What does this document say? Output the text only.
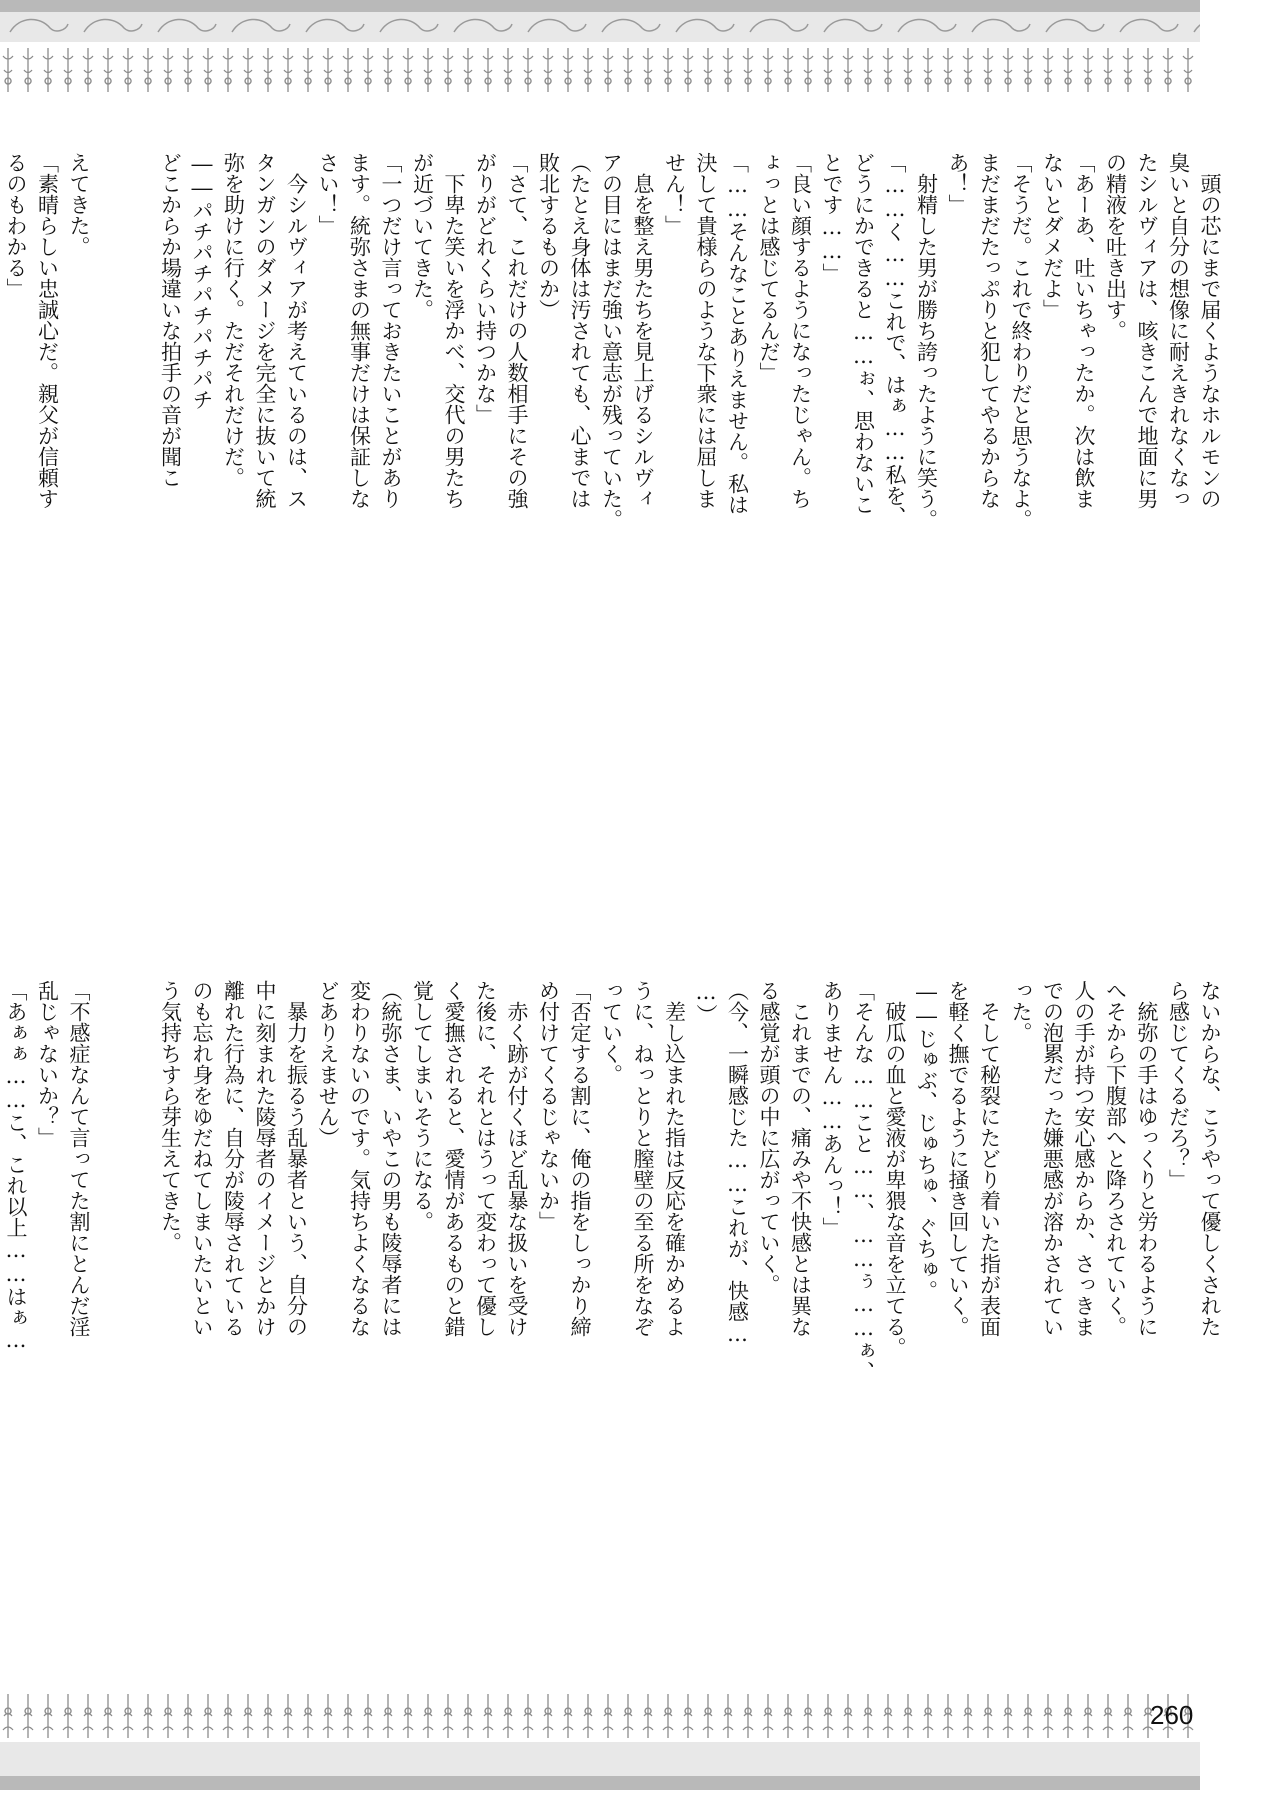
えてきた。
「素晴らしい忠誠心だ。親父が信頼す
るのもわかる」
ないからな、こうやって優しくされた
ら感じてくるだろ？」
　統弥の手はゆっくりと労わるように
へそから下腹部へと降ろされていく。
人の手が持つ安心感からか、さっきま
での泡累だった嫌悪感が溶かされてい
った。
　そして秘裂にたどり着いた指が表面
を軽く撫でるように掻き回していく。
――じゅぶ、じゅちゅ、ぐちゅ。
　破瓜の血と愛液が卑猥な音を立てる。
「そんな……こと……、……ぅ……ぁ、
ありません……あんっ！」
　これまでの、痛みや不快感とは異な
る感覚が頭の中に広がっていく。
（今、一瞬感じた……これが、快感…
…）
　差し込まれた指は反応を確かめるよ
うに、ねっとりと膣壁の至る所をなぞ
っていく。
「否定する割に、俺の指をしっかり締
め付けてくるじゃないか」
　赤く跡が付くほど乱暴な扱いを受け
た後に、それとはうって変わって優し
く愛撫されると、愛情があるものと錯
覚してしまいそうになる。
（統弥さま、いやこの男も陵辱者には
変わりないのです。気持ちよくなるな
どありえません）
　暴力を振るう乱暴者という、自分の
中に刻まれた陵辱者のイメージとかけ
離れた行為に、自分が陵辱されている
のも忘れ身をゆだねてしまいたいとい
う気持ちすら芽生えてきた。
「不感症なんて言ってた割にとんだ淫
乱じゃないか？」
「あぁぁ……こ、これ以上……はぁ…
260
　頭の芯にまで届くようなホルモンの
臭いと自分の想像に耐えきれなくなっ
たシルヴィアは、咳きこんで地面に男
の精液を吐き出す。
「あーあ、吐いちゃったか。次は飲ま
ないとダメだよ」
「そうだ。これで終わりだと思うなよ。
まだまだたっぷりと犯してやるからな
あ！」
　射精した男が勝ち誇ったように笑う。
「……く……これで、はぁ……私を、
どうにかできると……ぉ、思わないこ
とです……」
「良い顔するようになったじゃん。ち
ょっとは感じてるんだ」
「……そんなことありえません。私は
決して貴様らのような下衆には屈しま
せん！」
　息を整え男たちを見上げるシルヴィ
アの目にはまだ強い意志が残っていた。
（たとえ身体は汚されても、心までは
敗北するものか）
「さて、これだけの人数相手にその強
がりがどれくらい持つかな」
　下卑た笑いを浮かべ、交代の男たち
が近づいてきた。
「一つだけ言っておきたいことがあり
ます。統弥さまの無事だけは保証しな
さい！」
　今シルヴィアが考えているのは、ス
タンガンのダメージを完全に抜いて統
弥を助けに行く。ただそれだけだ。
――パチパチパチパチパチ
どこからか場違いな拍手の音が聞こ
